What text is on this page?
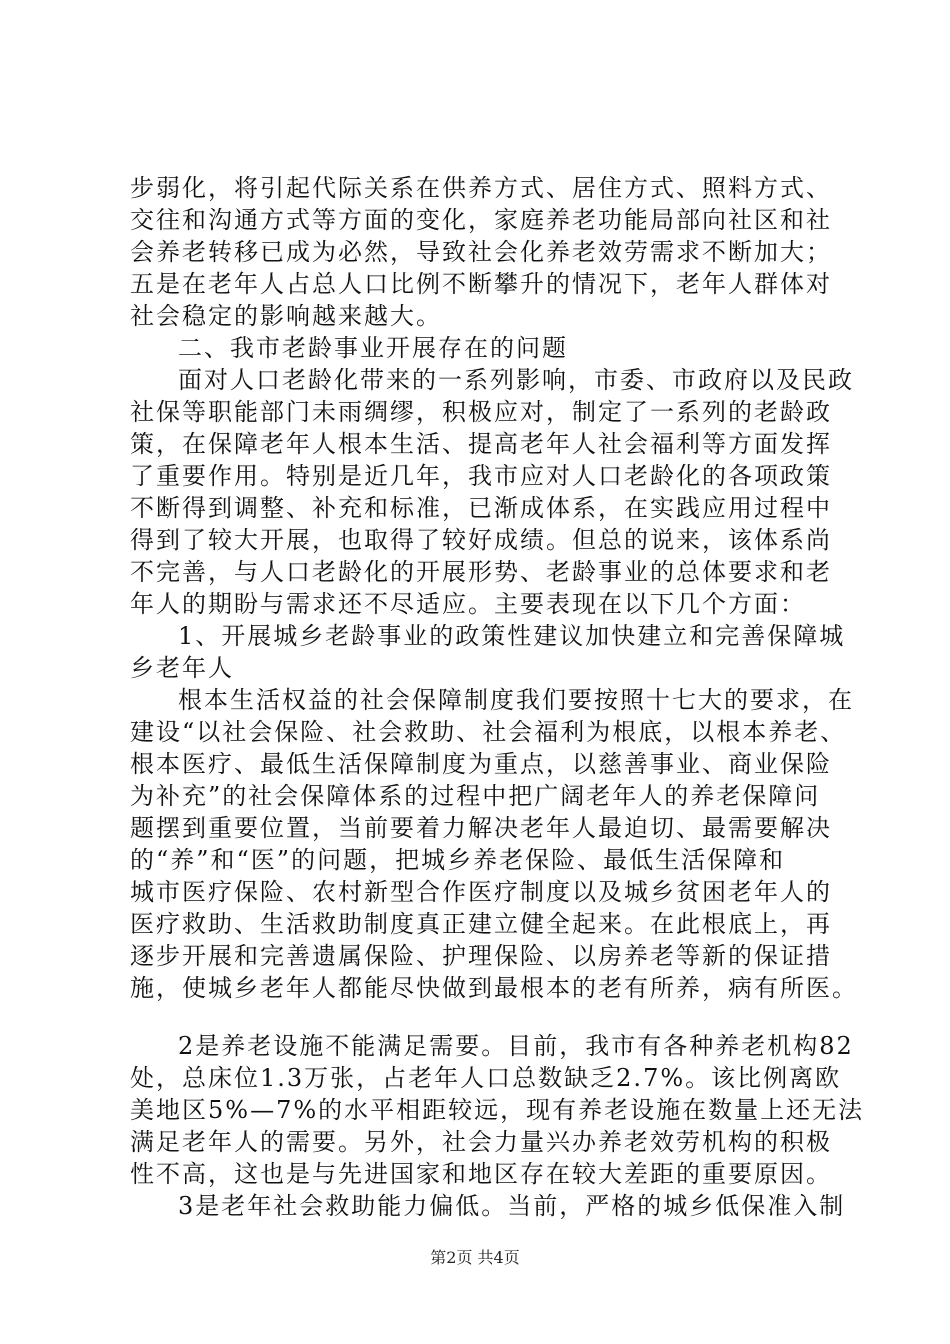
步弱化，将引起代际关系在供养方式、居住方式、照料方式、
交往和沟通方式等方面的变化，家庭养老功能局部向社区和社
会养老转移已成为必然，导致社会化养老效劳需求不断加大；
五是在老年人占总人口比例不断攀升的情况下，老年人群体对
社会稳定的影响越来越大。
二、我市老龄事业开展存在的问题
面对人口老龄化带来的一系列影响，市委、市政府以及民政
社保等职能部门未雨绸缪，积极应对，制定了一系列的老龄政
策，在保障老年人根本生活、提高老年人社会福利等方面发挥
了重要作用。特别是近几年，我市应对人口老龄化的各项政策
不断得到调整、补充和标准，已渐成体系，在实践应用过程中
得到了较大开展，也取得了较好成绩。但总的说来，该体系尚
不完善，与人口老龄化的开展形势、老龄事业的总体要求和老
年人的期盼与需求还不尽适应。主要表现在以下几个方面：
1、开展城乡老龄事业的政策性建议加快建立和完善保障城
乡老年人
根本生活权益的社会保障制度我们要按照十七大的要求，在
建设“以社会保险、社会救助、社会福利为根底，以根本养老、
根本医疗、最低生活保障制度为重点，以慈善事业、商业保险
为补充”的社会保障体系的过程中把广阔老年人的养老保障问
题摆到重要位置，当前要着力解决老年人最迫切、最需要解决
的“养”和“医”的问题，把城乡养老保险、最低生活保障和
城市医疗保险、农村新型合作医疗制度以及城乡贫困老年人的
医疗救助、生活救助制度真正建立健全起来。在此根底上，再
逐步开展和完善遗属保险、护理保险、以房养老等新的保证措
施，使城乡老年人都能尽快做到最根本的老有所养，病有所医。
2是养老设施不能满足需要。目前，我市有各种养老机构82
处，总床位1.3万张，占老年人口总数缺乏2.7%。该比例离欧
美地区5%—7%的水平相距较远，现有养老设施在数量上还无法
满足老年人的需要。另外，社会力量兴办养老效劳机构的积极
性不高，这也是与先进国家和地区存在较大差距的重要原因。
3是老年社会救助能力偏低。当前，严格的城乡低保准入制
第2页 共4页
